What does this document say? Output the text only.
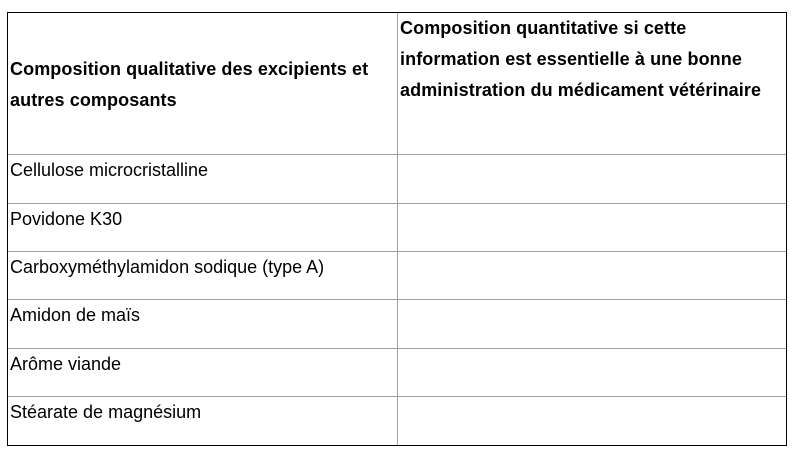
Composition qualitative des excipients et autres composants	Composition quantitative si cette information est essentielle à une bonne administration du médicament vétérinaire
Cellulose microcristalline	
Povidone K30	
Carboxyméthylamidon sodique (type A)	
Amidon de maïs	
Arôme viande	
Stéarate de magnésium	
